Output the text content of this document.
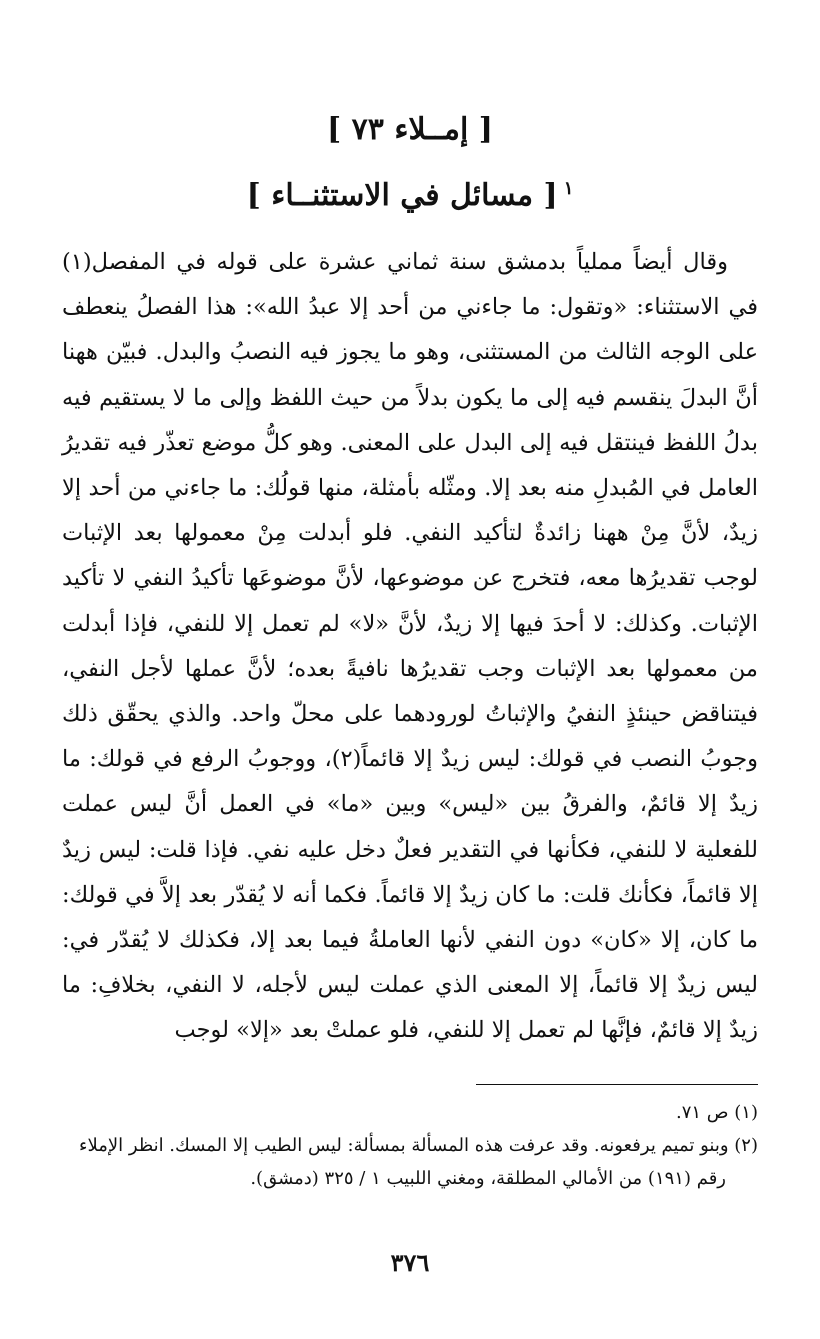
[ إمــلاء ٧٣ ]
$^١$[ مسائل في الاستثنــاء ]

وقال أيضاً مملياً بدمشق سنة ثماني عشرة على قوله في المفصل(١) في الاستثناء: «وتقول: ما جاءني من أحد إلا عبدُ الله»: هذا الفصلُ ينعطف على الوجه الثالث من المستثنى، وهو ما يجوز فيه النصبُ والبدل. فبيّن ههنا أنَّ البدلَ ينقسم فيه إلى ما يكون بدلاً من حيث اللفظ وإلى ما لا يستقيم فيه بدلُ اللفظ فينتقل فيه إلى البدل على المعنى. وهو كلُّ موضع تعذّر فيه تقديرُ العامل في المُبدلِ منه بعد إلا. ومثّله بأمثلة، منها قولُك: ما جاءني من أحد إلا زيدٌ، لأنَّ مِنْ ههنا زائدةٌ لتأكيد النفي. فلو أبدلت مِنْ معمولها بعد الإثبات لوجب تقديرُها معه، فتخرج عن موضوعها، لأنَّ موضوعَها تأكيدُ النفي لا تأكيد الإثبات. وكذلك: لا أحدَ فيها إلا زيدٌ، لأنَّ «لا» لم تعمل إلا للنفي، فإذا أبدلت من معمولها بعد الإثبات وجب تقديرُها نافيةً بعده؛ لأنَّ عملها لأجل النفي، فيتناقض حينئذٍ النفيُ والإثباتُ لورودهما على محلّ واحد. والذي يحقّق ذلك وجوبُ النصب في قولك: ليس زيدٌ إلا قائماً(٢)، ووجوبُ الرفع في قولك: ما زيدٌ إلا قائمٌ، والفرقُ بين «ليس» وبين «ما» في العمل أنَّ ليس عملت للفعلية لا للنفي، فكأنها في التقدير فعلٌ دخل عليه نفي. فإذا قلت: ليس زيدٌ إلا قائماً، فكأنك قلت: ما كان زيدٌ إلا قائماً. فكما أنه لا يُقدّر بعد إلاَّ في قولك: ما كان، إلا «كان» دون النفي لأنها العاملةُ فيما بعد إلا، فكذلك لا يُقدّر في: ليس زيدٌ إلا قائماً، إلا المعنى الذي عملت ليس لأجله، لا النفي، بخلافِ: ما زيدٌ إلا قائمٌ، فإنَّها لم تعمل إلا للنفي، فلو عملتْ بعد «إلا» لوجب

(١) ص ٧١.

(٢) وبنو تميم يرفعونه. وقد عرفت هذه المسألة بمسألة: ليس الطيب إلا المسك. انظر الإملاء

رقم (١٩١) من الأمالي المطلقة، ومغني اللبيب ١ / ٣٢٥ (دمشق).

٣٧٦
